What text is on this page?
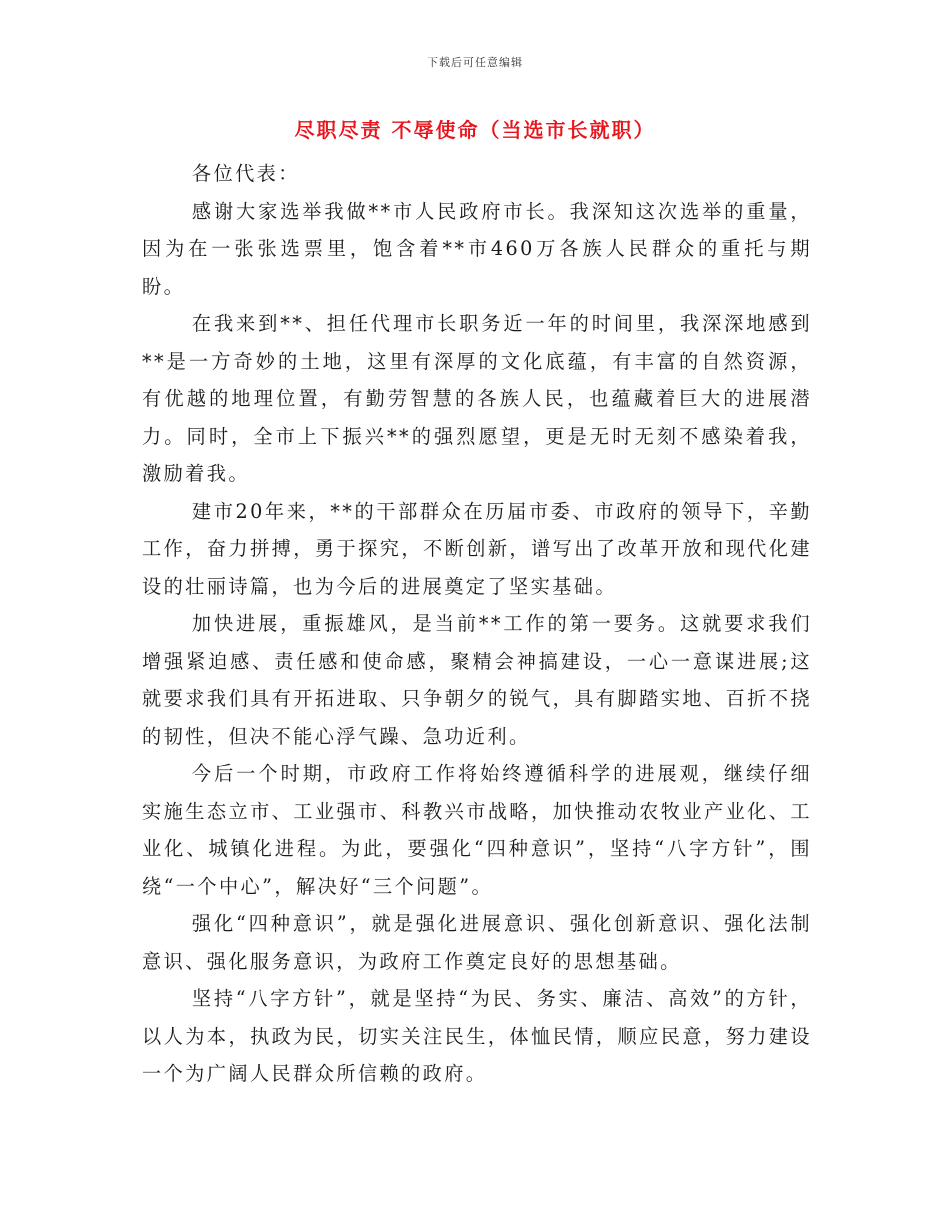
下载后可任意编辑
尽职尽责 不辱使命（当选市长就职）

各位代表：

感谢大家选举我做**市人民政府市长。我深知这次选举的重量，因为在一张张选票里，饱含着**市460万各族人民群众的重托与期盼。

在我来到**、担任代理市长职务近一年的时间里，我深深地感到**是一方奇妙的土地，这里有深厚的文化底蕴，有丰富的自然资源，有优越的地理位置，有勤劳智慧的各族人民，也蕴藏着巨大的进展潜力。同时，全市上下振兴**的强烈愿望，更是无时无刻不感染着我，激励着我。

建市20年来，**的干部群众在历届市委、市政府的领导下，辛勤工作，奋力拼搏，勇于探究，不断创新，谱写出了改革开放和现代化建设的壮丽诗篇，也为今后的进展奠定了坚实基础。

加快进展，重振雄风，是当前**工作的第一要务。这就要求我们增强紧迫感、责任感和使命感，聚精会神搞建设，一心一意谋进展;这就要求我们具有开拓进取、只争朝夕的锐气，具有脚踏实地、百折不挠的韧性，但决不能心浮气躁、急功近利。

今后一个时期，市政府工作将始终遵循科学的进展观，继续仔细实施生态立市、工业强市、科教兴市战略，加快推动农牧业产业化、工业化、城镇化进程。为此，要强化“四种意识”，坚持“八字方针”，围绕“一个中心”，解决好“三个问题”。

强化“四种意识”，就是强化进展意识、强化创新意识、强化法制意识、强化服务意识，为政府工作奠定良好的思想基础。

坚持“八字方针”，就是坚持“为民、务实、廉洁、高效”的方针，以人为本，执政为民，切实关注民生，体恤民情，顺应民意，努力建设一个为广阔人民群众所信赖的政府。
